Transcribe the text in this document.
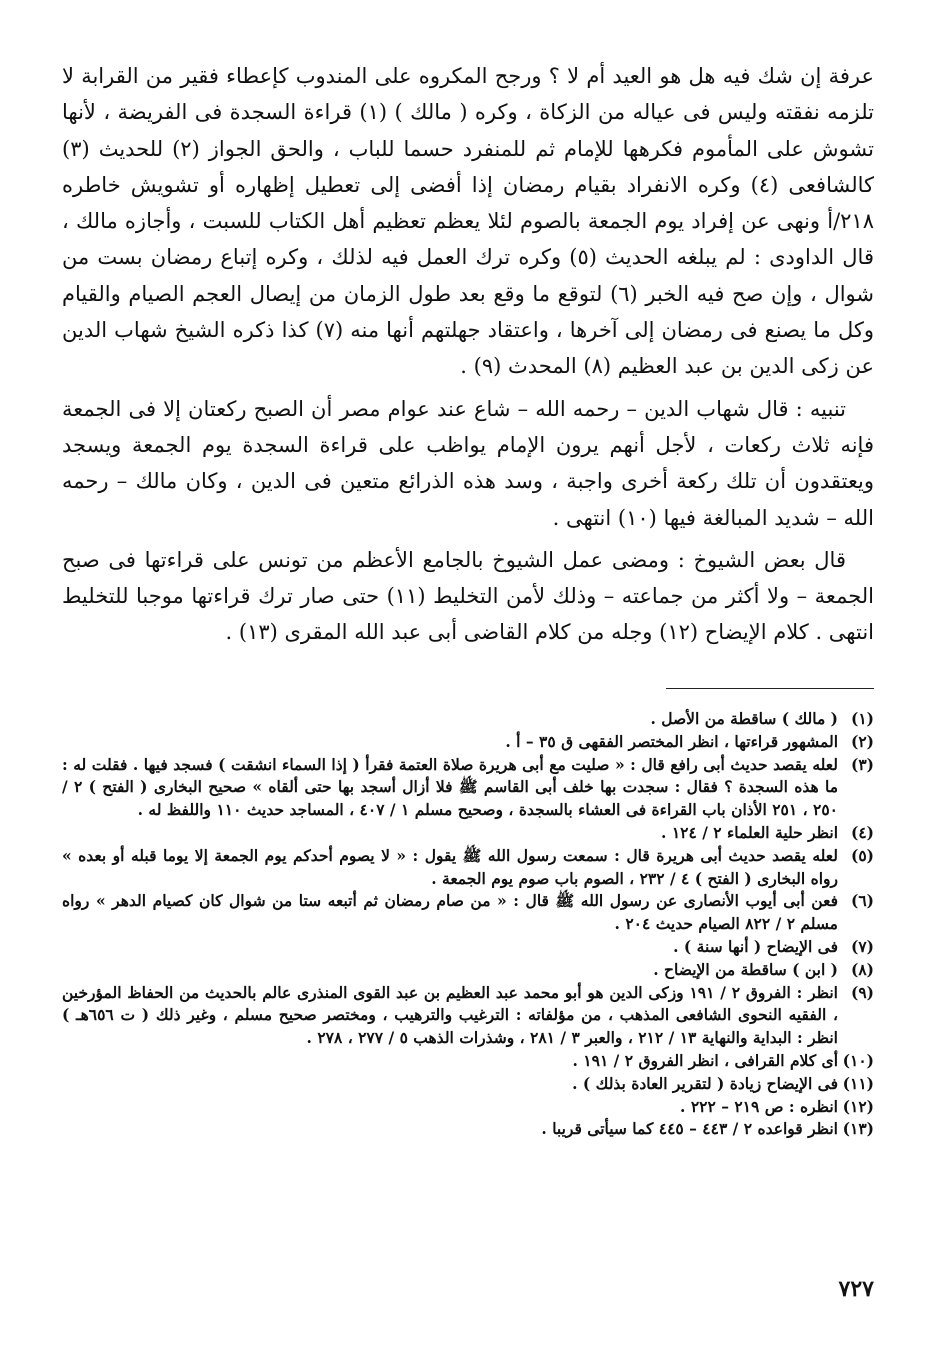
عرفة إن شك فيه هل هو العيد أم لا ؟ ورجح المكروه على المندوب كإعطاء فقير من القرابة لا تلزمه نفقته وليس فى عياله من الزكاة ، وكره ( مالك ) (١) قراءة السجدة فى الفريضة ، لأنها تشوش على المأموم فكرهها للإمام ثم للمنفرد حسما للباب ، والحق الجواز (٢) للحديث (٣) كالشافعى (٤) وكره الانفراد بقيام رمضان إذا أفضى إلى تعطيل إظهاره أو تشويش خاطره ٢١٨/أ ونهى عن إفراد يوم الجمعة بالصوم لئلا يعظم تعظيم أهل الكتاب للسبت ، وأجازه مالك ، قال الداودى : لم يبلغه الحديث (٥) وكره ترك العمل فيه لذلك ، وكره إتباع رمضان بست من شوال ، وإن صح فيه الخبر (٦) لتوقع ما وقع بعد طول الزمان من إيصال العجم الصيام والقيام وكل ما يصنع فى رمضان إلى آخرها ، واعتقاد جهلتهم أنها منه (٧) كذا ذكره الشيخ شهاب الدين عن زكى الدين بن عبد العظيم (٨) المحدث (٩) .

تنبيه : قال شهاب الدين – رحمه الله – شاع عند عوام مصر أن الصبح ركعتان إلا فى الجمعة فإنه ثلاث ركعات ، لأجل أنهم يرون الإمام يواظب على قراءة السجدة يوم الجمعة ويسجد ويعتقدون أن تلك ركعة أخرى واجبة ، وسد هذه الذرائع متعين فى الدين ، وكان مالك – رحمه الله – شديد المبالغة فيها (١٠) انتهى .

قال بعض الشيوخ : ومضى عمل الشيوخ بالجامع الأعظم من تونس على قراءتها فى صبح الجمعة – ولا أكثر من جماعته – وذلك لأمن التخليط (١١) حتى صار ترك قراءتها موجبا للتخليط انتهى . كلام الإيضاح (١٢) وجله من كلام القاضى أبى عبد الله المقرى (١٣) .

(١)
( مالك ) ساقطة من الأصل .
(٢)
المشهور قراءتها ، انظر المختصر الفقهى ق ٣٥ – أ .
(٣)
لعله يقصد حديث أبى رافع قال : « صليت مع أبى هريرة صلاة العتمة فقرأ ( إذا السماء انشقت ) فسجد فيها . فقلت له : ما هذه السجدة ؟ فقال : سجدت بها خلف أبى القاسم ﷺ فلا أزال أسجد بها حتى ألقاه » صحيح البخارى ( الفتح ) ٢ / ٢٥٠ ، ٢٥١ الأذان باب القراءة فى العشاء بالسجدة ، وصحيح مسلم ١ / ٤٠٧ ، المساجد حديث ١١٠ واللفظ له .
(٤)
انظر حلية العلماء ٢ / ١٢٤ .
(٥)
لعله يقصد حديث أبى هريرة قال : سمعت رسول الله ﷺ يقول : « لا يصوم أحدكم يوم الجمعة إلا يوما قبله أو بعده » رواه البخارى ( الفتح ) ٤ / ٢٣٢ ، الصوم باب صوم يوم الجمعة .
(٦)
فعن أبى أيوب الأنصارى عن رسول الله ﷺ قال : « من صام رمضان ثم أتبعه ستا من شوال كان كصيام الدهر » رواه مسلم ٢ / ٨٢٢ الصيام حديث ٢٠٤ .
(٧)
فى الإيضاح ( أنها سنة ) .
(٨)
( ابن ) ساقطة من الإيضاح .
(٩)
انظر : الفروق ٢ / ١٩١ وزكى الدين هو أبو محمد عبد العظيم بن عبد القوى المنذرى عالم بالحديث من الحفاظ المؤرخين ، الفقيه النحوى الشافعى المذهب ، من مؤلفاته : الترغيب والترهيب ، ومختصر صحيح مسلم ، وغير ذلك ( ت ٦٥٦هـ ) انظر : البداية والنهاية ١٣ / ٢١٢ ، والعبر ٣ / ٢٨١ ، وشذرات الذهب ٥ / ٢٧٧ ، ٢٧٨ .
(١٠)
أى كلام القرافى ، انظر الفروق ٢ / ١٩١ .
(١١)
فى الإيضاح زيادة ( لتقرير العادة بذلك ) .
(١٢)
انظره : ص ٢١٩ – ٢٢٢ .
(١٣)
انظر قواعده ٢ / ٤٤٣ – ٤٤٥ كما سيأتى قريبا .
٧٢٧
